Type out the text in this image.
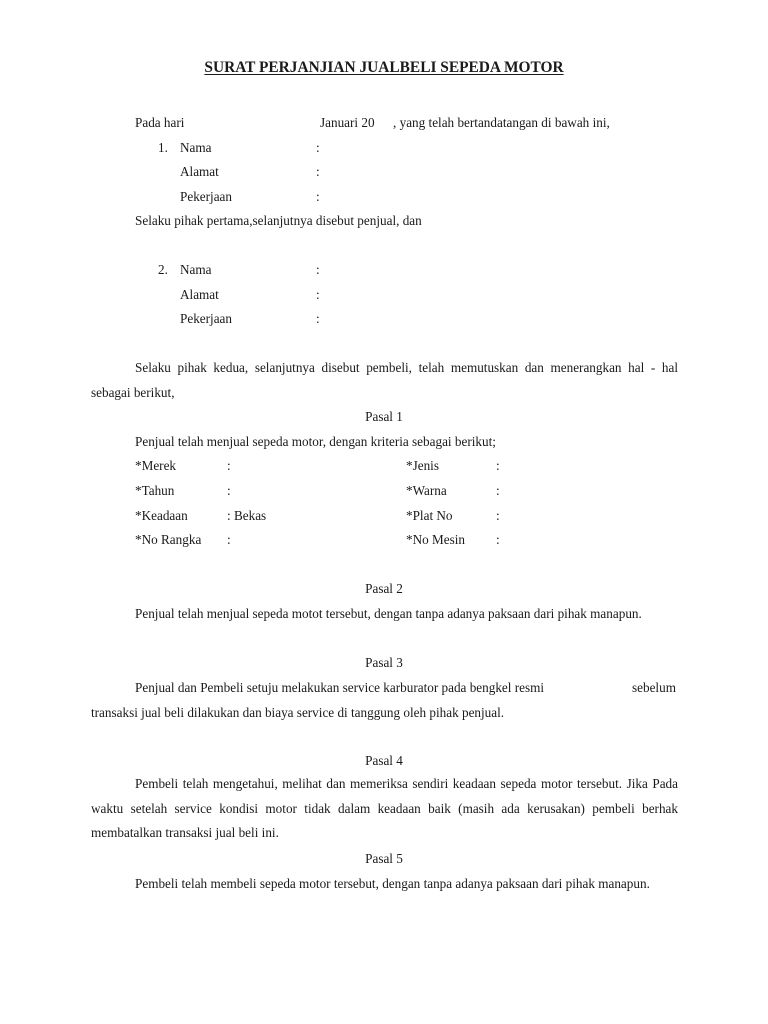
SURAT PERJANJIAN JUALBELI SEPEDA MOTOR
Pada hari	Januari 20 , yang telah bertandatangan di bawah ini,
1. Nama	:
Alamat	:
Pekerjaan	:
Selaku pihak pertama,selanjutnya disebut penjual, dan
2. Nama	:
Alamat	:
Pekerjaan	:
Selaku pihak kedua, selanjutnya disebut pembeli, telah memutuskan dan menerangkan hal - hal sebagai berikut,
Pasal 1
Penjual telah menjual sepeda motor, dengan kriteria sebagai berikut;
*Merek	:	*Jenis	:
*Tahun	:	*Warna	:
*Keadaan	: Bekas	*Plat No	:
*No Rangka :	*No Mesin :
Pasal 2
Penjual telah menjual sepeda motot tersebut, dengan tanpa adanya paksaan dari pihak manapun.
Pasal 3
Penjual dan Pembeli setuju melakukan service karburator pada bengkel resmi	sebelum
transaksi jual beli dilakukan dan biaya service di tanggung oleh pihak penjual.
Pasal 4
Pembeli telah mengetahui, melihat dan memeriksa sendiri keadaan sepeda motor tersebut. Jika Pada waktu setelah service kondisi motor tidak dalam keadaan baik (masih ada kerusakan) pembeli berhak membatalkan transaksi jual beli ini.
Pasal 5
Pembeli telah membeli sepeda motor tersebut, dengan tanpa adanya paksaan dari pihak manapun.
